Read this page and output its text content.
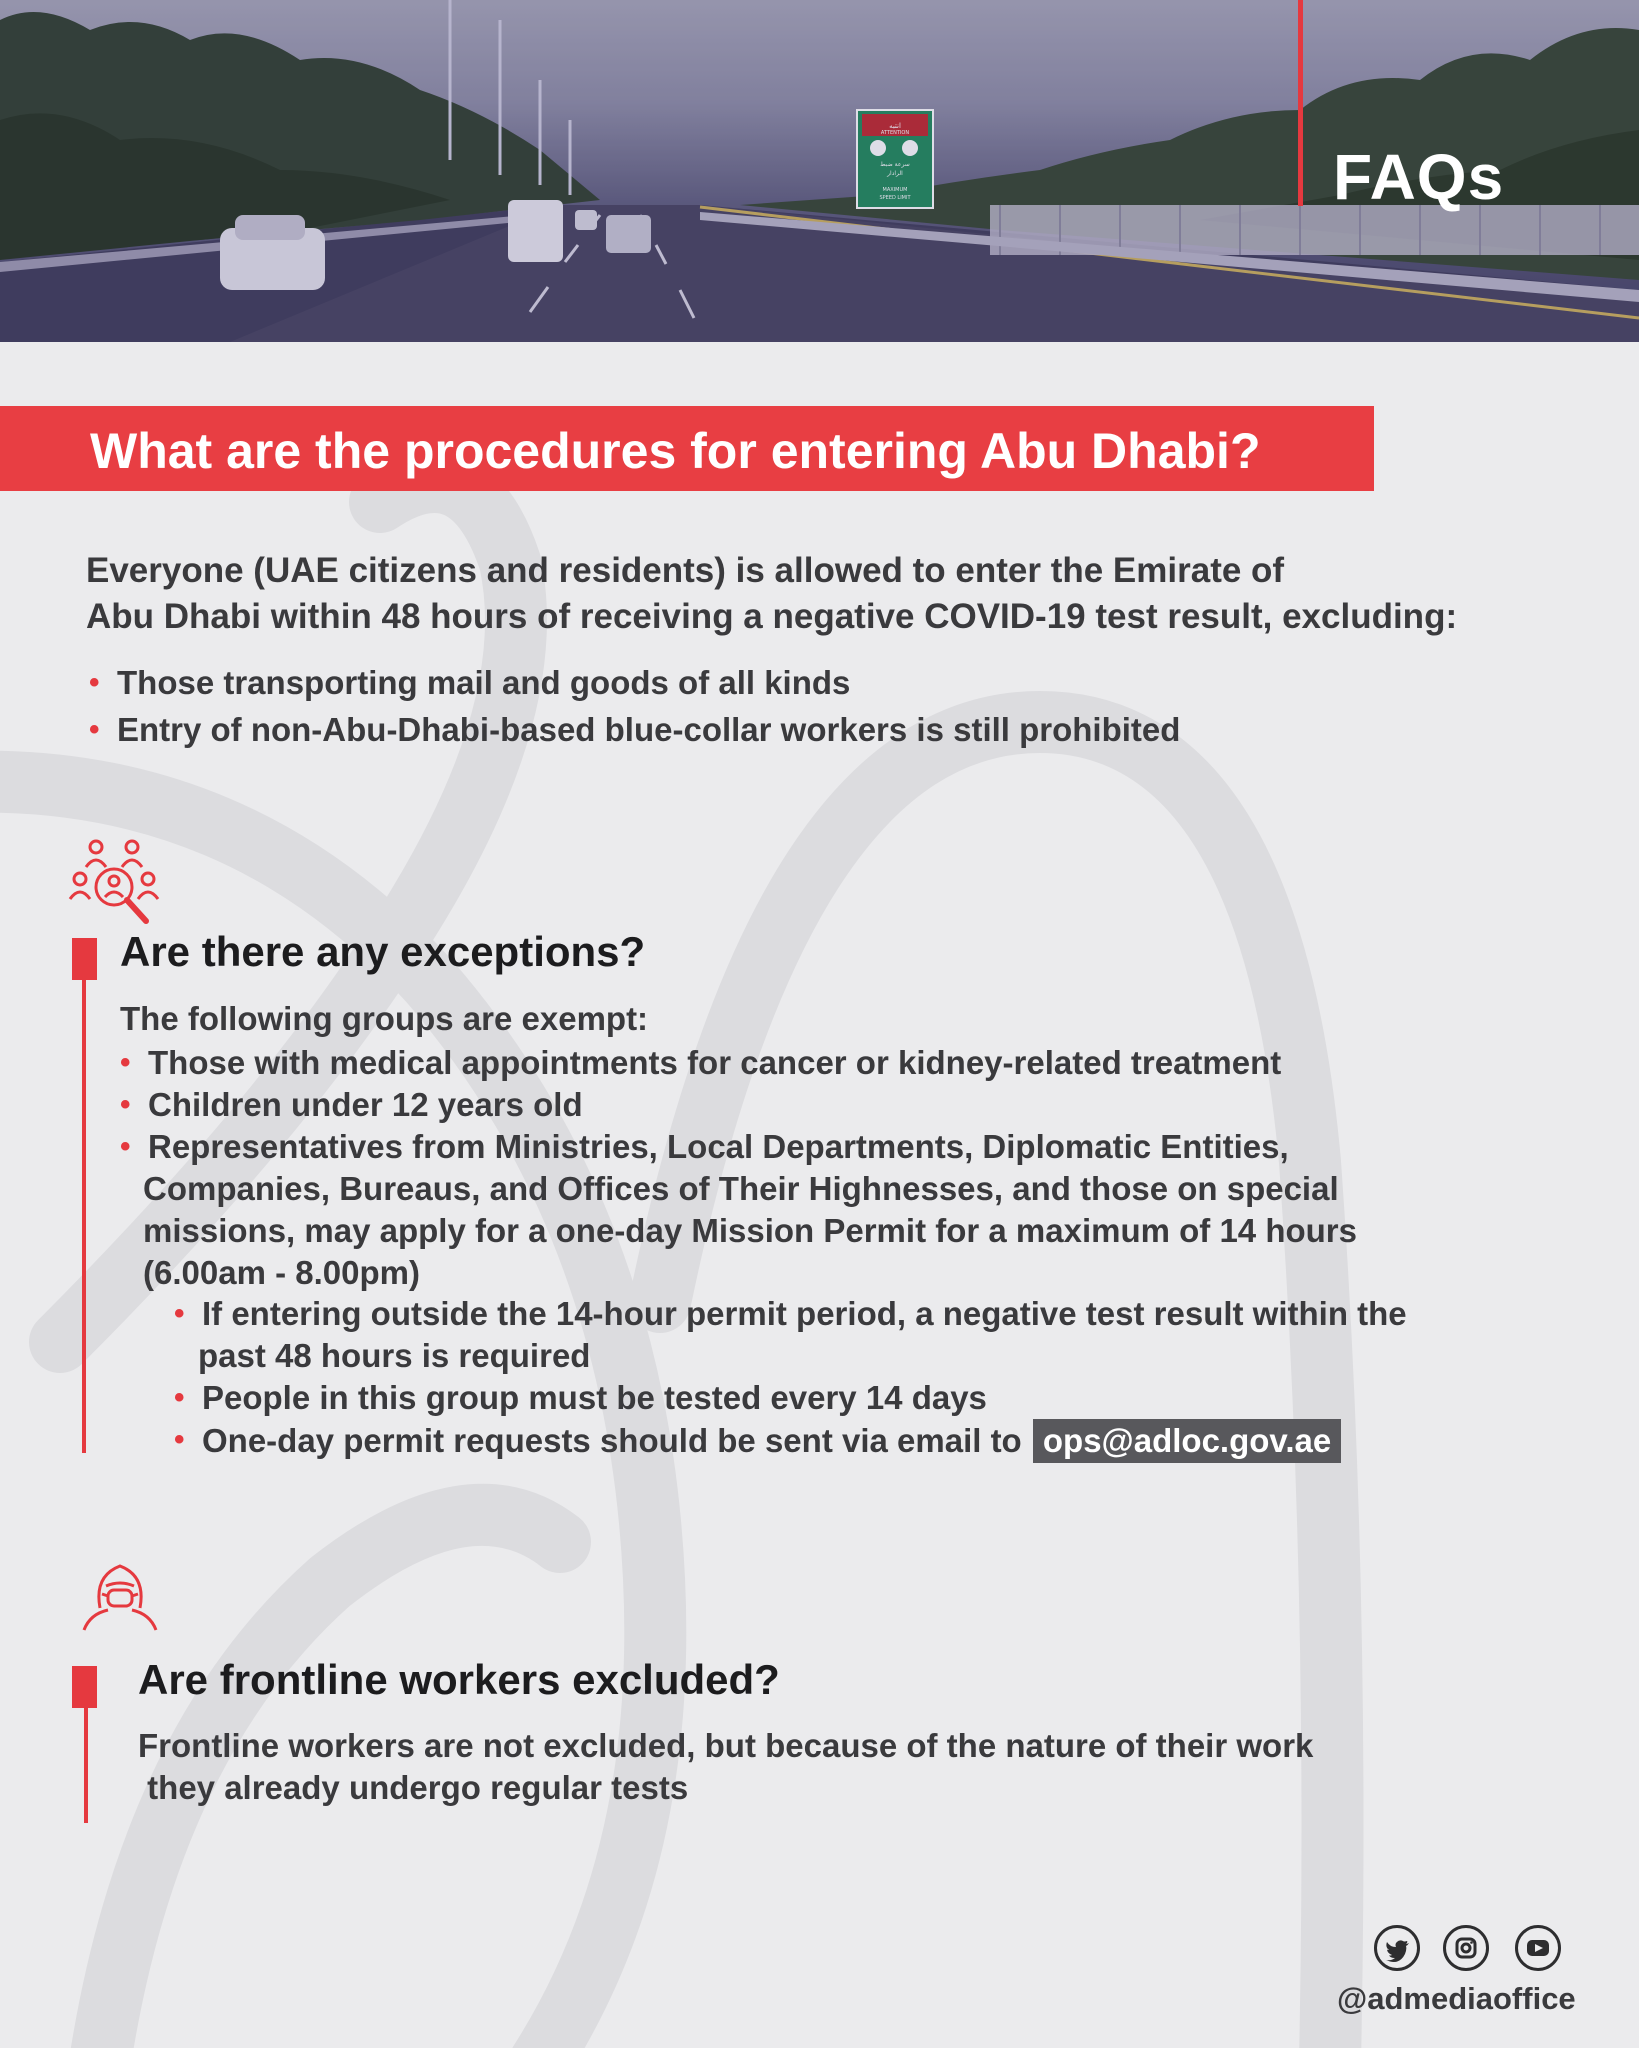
انتبه
ATTENTION
سرعة ضبط
الرادار
MAXIMUM
SPEED LIMIT	FAQs
What are the procedures for entering Abu Dhabi?
Everyone (UAE citizens and residents) is allowed to enter the Emirate of
Abu Dhabi within 48 hours of receiving a negative COVID-19 test result, excluding:
• Those transporting mail and goods of all kinds
• Entry of non-Abu-Dhabi-based blue-collar workers is still prohibited
Are there any exceptions?
The following groups are exempt:
• Those with medical appointments for cancer or kidney-related treatment
• Children under 12 years old
• Representatives from Ministries, Local Departments, Diplomatic Entities,
Companies, Bureaus, and Offices of Their Highnesses, and those on special
missions, may apply for a one-day Mission Permit for a maximum of 14 hours
(6.00am - 8.00pm)
• If entering outside the 14-hour permit period, a negative test result within the
past 48 hours is required
• People in this group must be tested every 14 days
• One-day permit requests should be sent via email to ops@adloc.gov.ae
Are frontline workers excluded?
Frontline workers are not excluded, but because of the nature of their work
they already undergo regular tests
@admediaoffice
